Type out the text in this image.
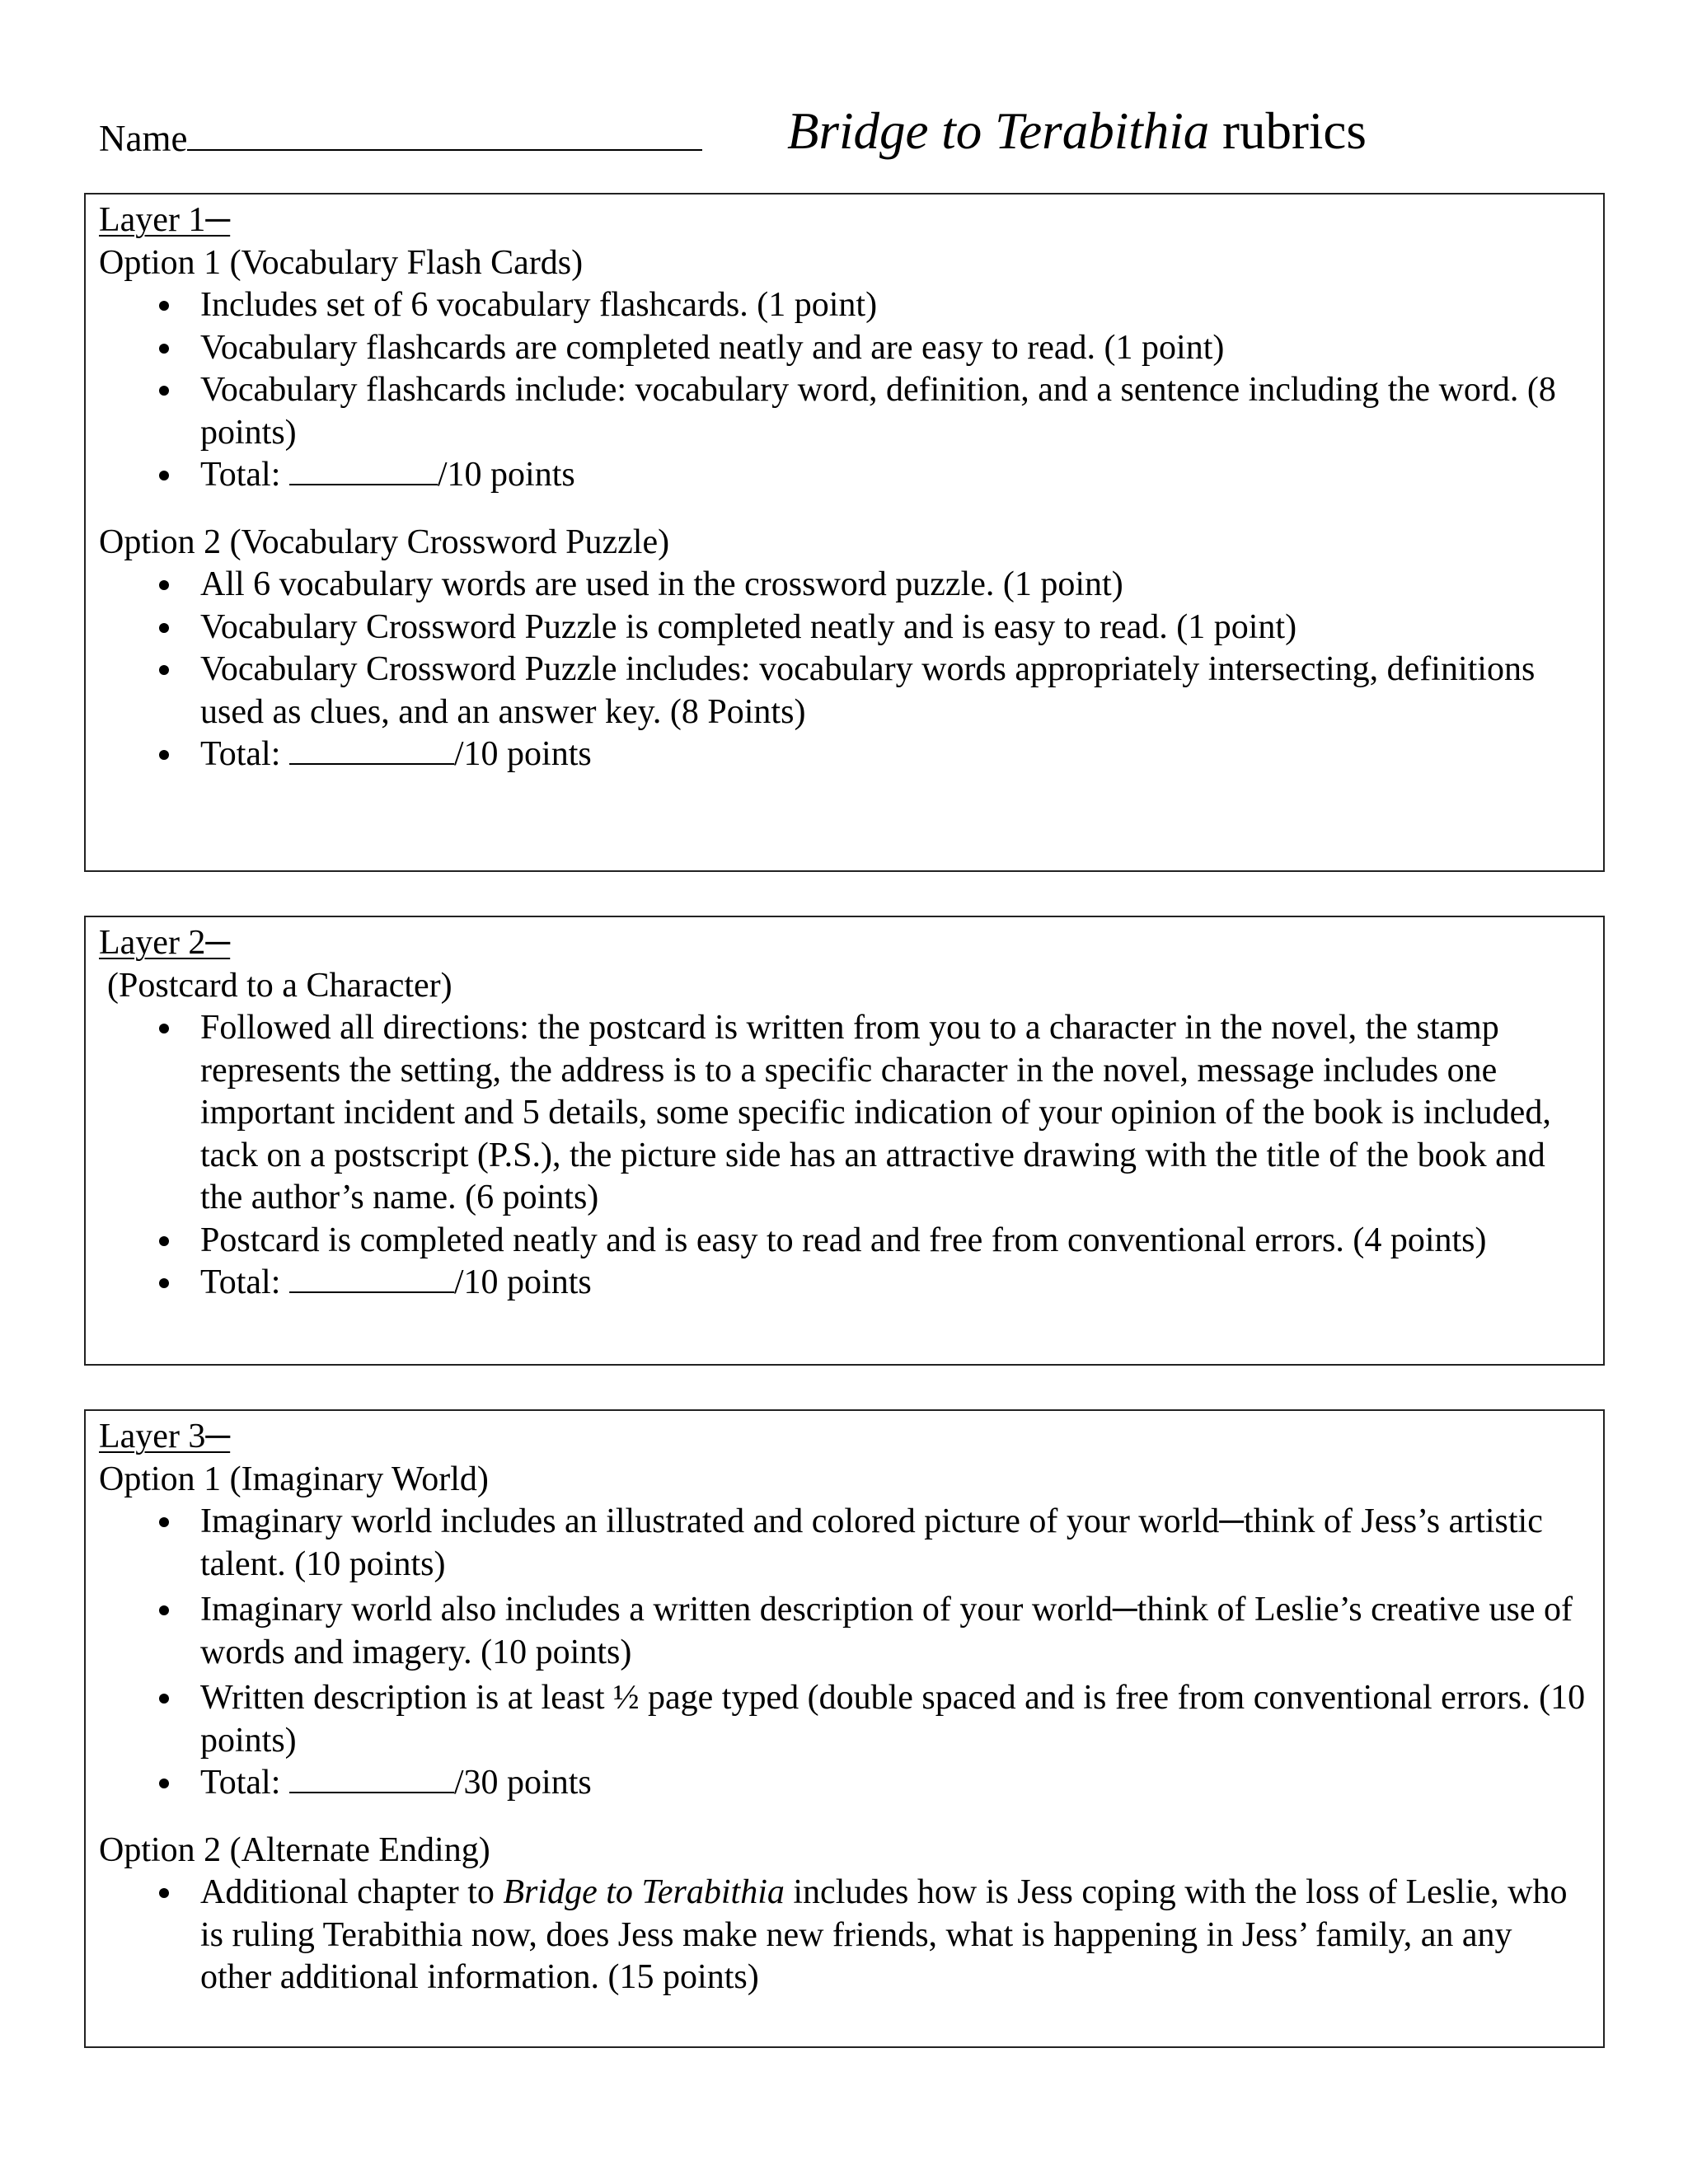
Name	Bridge to Terabithia rubrics
Layer 1─
Option 1 (Vocabulary Flash Cards)
Includes set of 6 vocabulary flashcards. (1 point)
Vocabulary flashcards are completed neatly and are easy to read. (1 point)
Vocabulary flashcards include: vocabulary word, definition, and a sentence including the word. (8 points)
Total:	/10 points
Option 2 (Vocabulary Crossword Puzzle)
All 6 vocabulary words are used in the crossword puzzle. (1 point)
Vocabulary Crossword Puzzle is completed neatly and is easy to read. (1 point)
Vocabulary Crossword Puzzle includes: vocabulary words appropriately intersecting, definitions used as clues, and an answer key. (8 Points)
Total:	/10 points
Layer 2─
(Postcard to a Character)
Followed all directions: the postcard is written from you to a character in the novel, the stamp represents the setting, the address is to a specific character in the novel, message includes one important incident and 5 details, some specific indication of your opinion of the book is included, tack on a postscript (P.S.), the picture side has an attractive drawing with the title of the book and the author’s name. (6 points)
Postcard is completed neatly and is easy to read and free from conventional errors. (4 points)
Total:	/10 points
Layer 3─
Option 1 (Imaginary World)
Imaginary world includes an illustrated and colored picture of your world─think of Jess’s artistic talent. (10 points)
Imaginary world also includes a written description of your world─think of Leslie’s creative use of words and imagery. (10 points)
Written description is at least ½ page typed (double spaced and is free from conventional errors. (10 points)
Total:	/30 points
Option 2 (Alternate Ending)
Additional chapter to Bridge to Terabithia includes how is Jess coping with the loss of Leslie, who is ruling Terabithia now, does Jess make new friends, what is happening in Jess’ family, an any other additional information. (15 points)
